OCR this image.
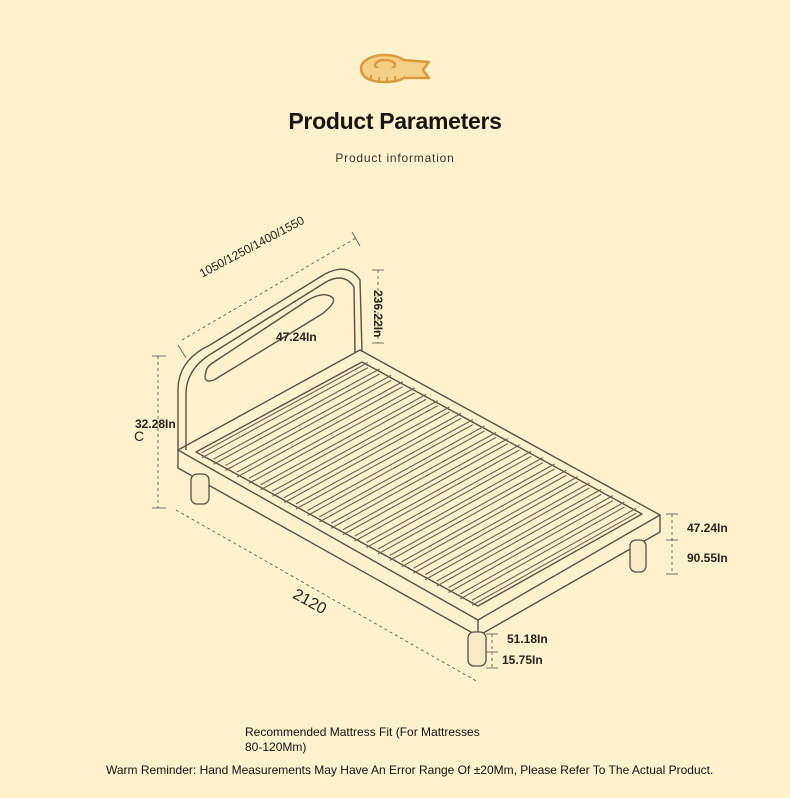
Product Parameters
Product information
1050/1250/1400/1550
236.22In
47.24In
32.28In
C
2120
47.24In
90.55In
51.18In
15.75In
Recommended Mattress Fit (For Mattresses
80-120Mm)
Warm Reminder: Hand Measurements May Have An Error Range Of ±20Mm, Please Refer To The Actual Product.
